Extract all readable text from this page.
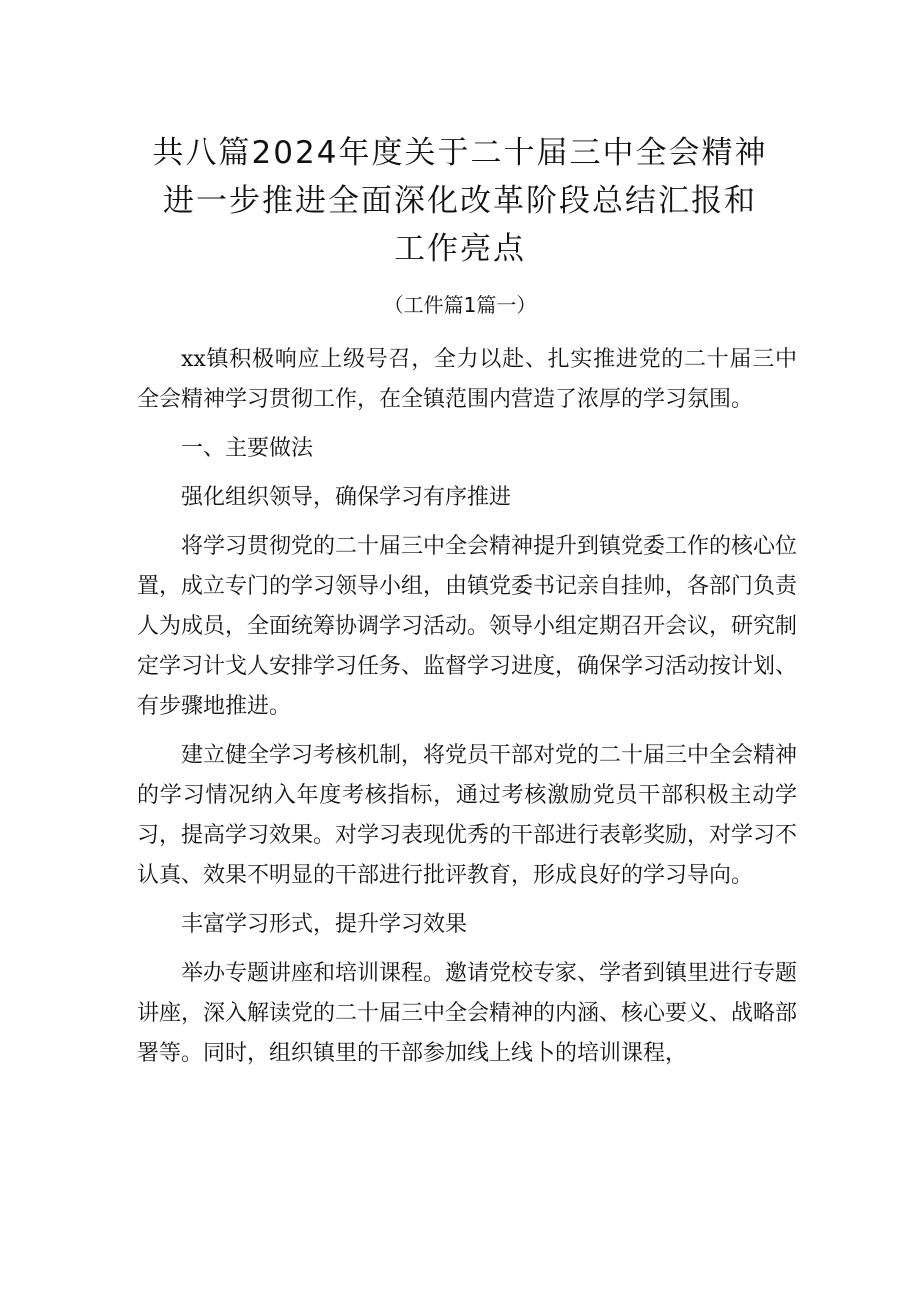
共八篇2024年度关于二十届三中全会精神
进一步推进全面深化改革阶段总结汇报和
工作亮点
（工件篇1篇一）

xx镇积极响应上级号召，全力以赴、扎实推进党的二十届三中全会精神学习贯彻工作，在全镇范围内营造了浓厚的学习氛围。

一、主要做法

强化组织领导，确保学习有序推进

将学习贯彻党的二十届三中全会精神提升到镇党委工作的核心位置，成立专门的学习领导小组，由镇党委书记亲自挂帅，各部门负责人为成员，全面统筹协调学习活动。领导小组定期召开会议，研究制定学习计戈人安排学习任务、监督学习进度，确保学习活动按计划、有步骤地推进。

建立健全学习考核机制，将党员干部对党的二十届三中全会精神的学习情况纳入年度考核指标，通过考核激励党员干部积极主动学习，提高学习效果。对学习表现优秀的干部进行表彰奖励，对学习不认真、效果不明显的干部进行批评教育，形成良好的学习导向。

丰富学习形式，提升学习效果

举办专题讲座和培训课程。邀请党校专家、学者到镇里进行专题讲座，深入解读党的二十届三中全会精神的内涵、核心要义、战略部署等。同时，组织镇里的干部参加线上线卜的培训课程，
